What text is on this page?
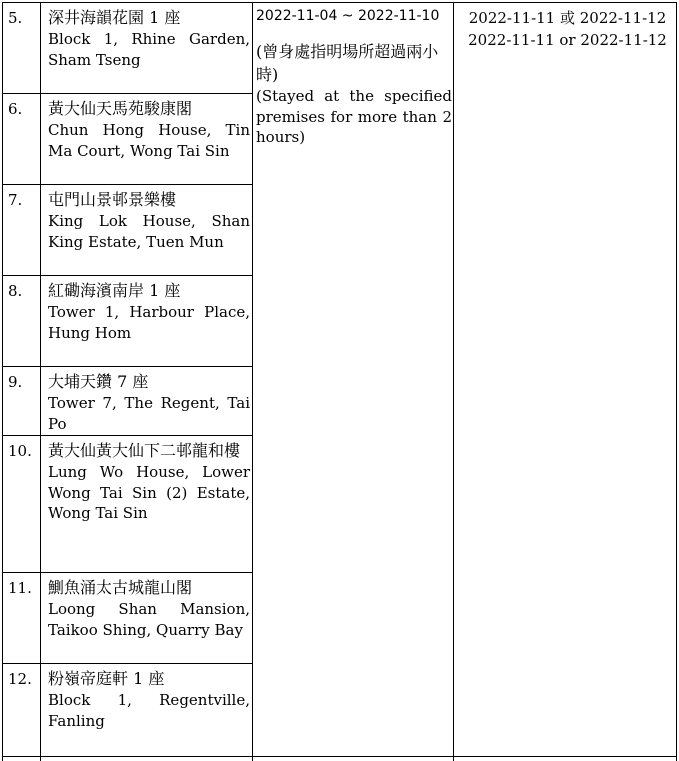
5. 深井海韻花園 1 座
Block 1, Rhine Garden, Sham Tseng
6. 黃大仙天馬苑駿康閣
Chun Hong House, Tin Ma Court, Wong Tai Sin
7. 屯門山景邨景樂樓
King Lok House, Shan King Estate, Tuen Mun
8. 紅磡海濱南岸 1 座
Tower 1, Harbour Place, Hung Hom
9. 大埔天鑽 7 座
Tower 7, The Regent, Tai Po
10. 黃大仙黃大仙下二邨龍和樓
Lung Wo House, Lower Wong Tai Sin (2) Estate, Wong Tai Sin
11. 鰂魚涌太古城龍山閣
Loong Shan Mansion, Taikoo Shing, Quarry Bay
12. 粉嶺帝庭軒 1 座
Block 1, Regentville, Fanling
2022-11-04 ~ 2022-11-10
(曾身處指明場所超過兩小時)
(Stayed at the specified premises for more than 2 hours)
2022-11-11 或 2022-11-12
2022-11-11 or 2022-11-12
